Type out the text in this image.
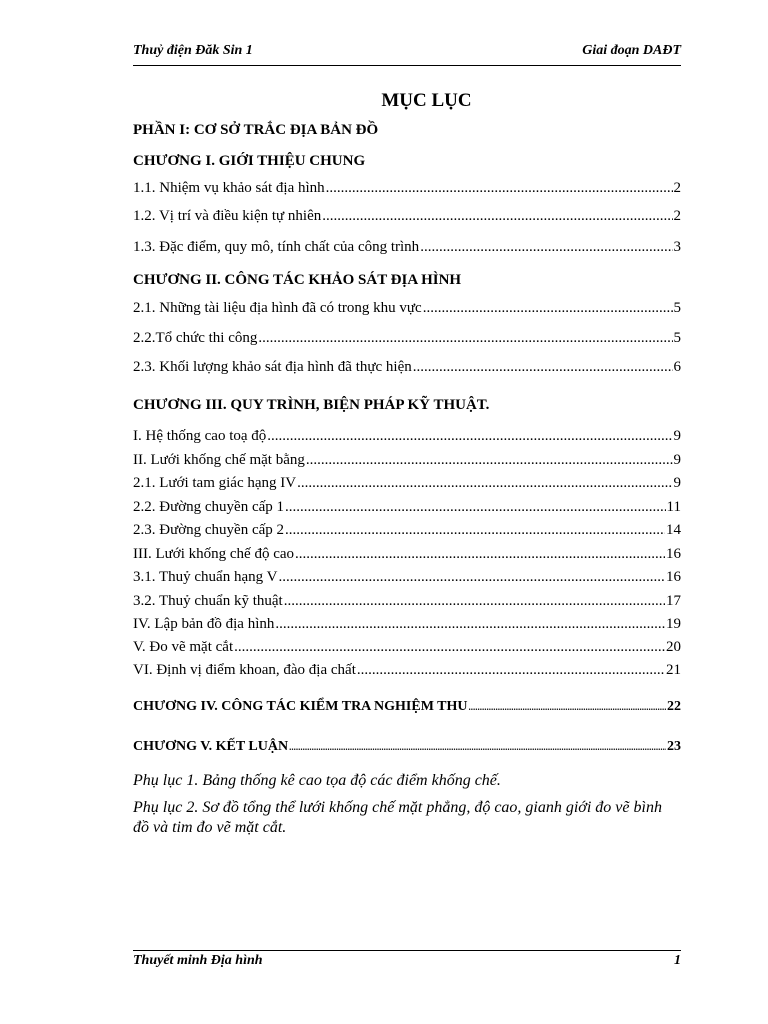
Thuỷ điện Đăk Sin 1	Giai đoạn DAĐT
MỤC LỤC
PHẦN I: CƠ SỞ TRẮC ĐỊA BẢN ĐỒ
CHƯƠNG I. GIỚI THIỆU CHUNG
1.1. Nhiệm vụ khảo sát địa hình .....	2
1.2. Vị trí và điều kiện tự nhiên .....	2
1.3. Đặc điểm, quy mô, tính chất của công trình .....	3
CHƯƠNG II. CÔNG TÁC KHẢO SÁT ĐỊA HÌNH
2.1. Những tài liệu địa hình đã có trong khu vực .....	5
2.2.Tổ chức thi công .....	5
2.3. Khối lượng khảo sát địa hình đã thực hiện .....	6
CHƯƠNG III. QUY TRÌNH, BIỆN PHÁP KỸ THUẬT.
I. Hệ thống cao toạ độ .....	9
II. Lưới khống chế mặt bằng .....	9
2.1. Lưới tam giác hạng IV .....	9
2.2. Đường chuyền cấp 1 .....	11
2.3. Đường chuyền cấp 2 .....	14
III. Lưới khống chế độ cao .....	16
3.1. Thuỷ chuẩn hạng V .....	16
3.2. Thuỷ chuẩn kỹ thuật .....	17
IV. Lập bản đồ địa hình .....	19
V. Đo vẽ mặt cắt .....	20
VI. Định vị điểm khoan, đào địa chất .....	21
CHƯƠNG IV. CÔNG TÁC KIỂM TRA NGHIỆM THU .....	22
CHƯƠNG V. KẾT LUẬN .....	23
Phụ lục 1. Bảng thống kê cao tọa độ các điểm khống chế.
Phụ lục 2. Sơ đồ tổng thể lưới khống chế mặt phẳng, độ cao, gianh giới đo vẽ bình đồ và tim đo vẽ mặt cắt.
Thuyết minh Địa hình	1
